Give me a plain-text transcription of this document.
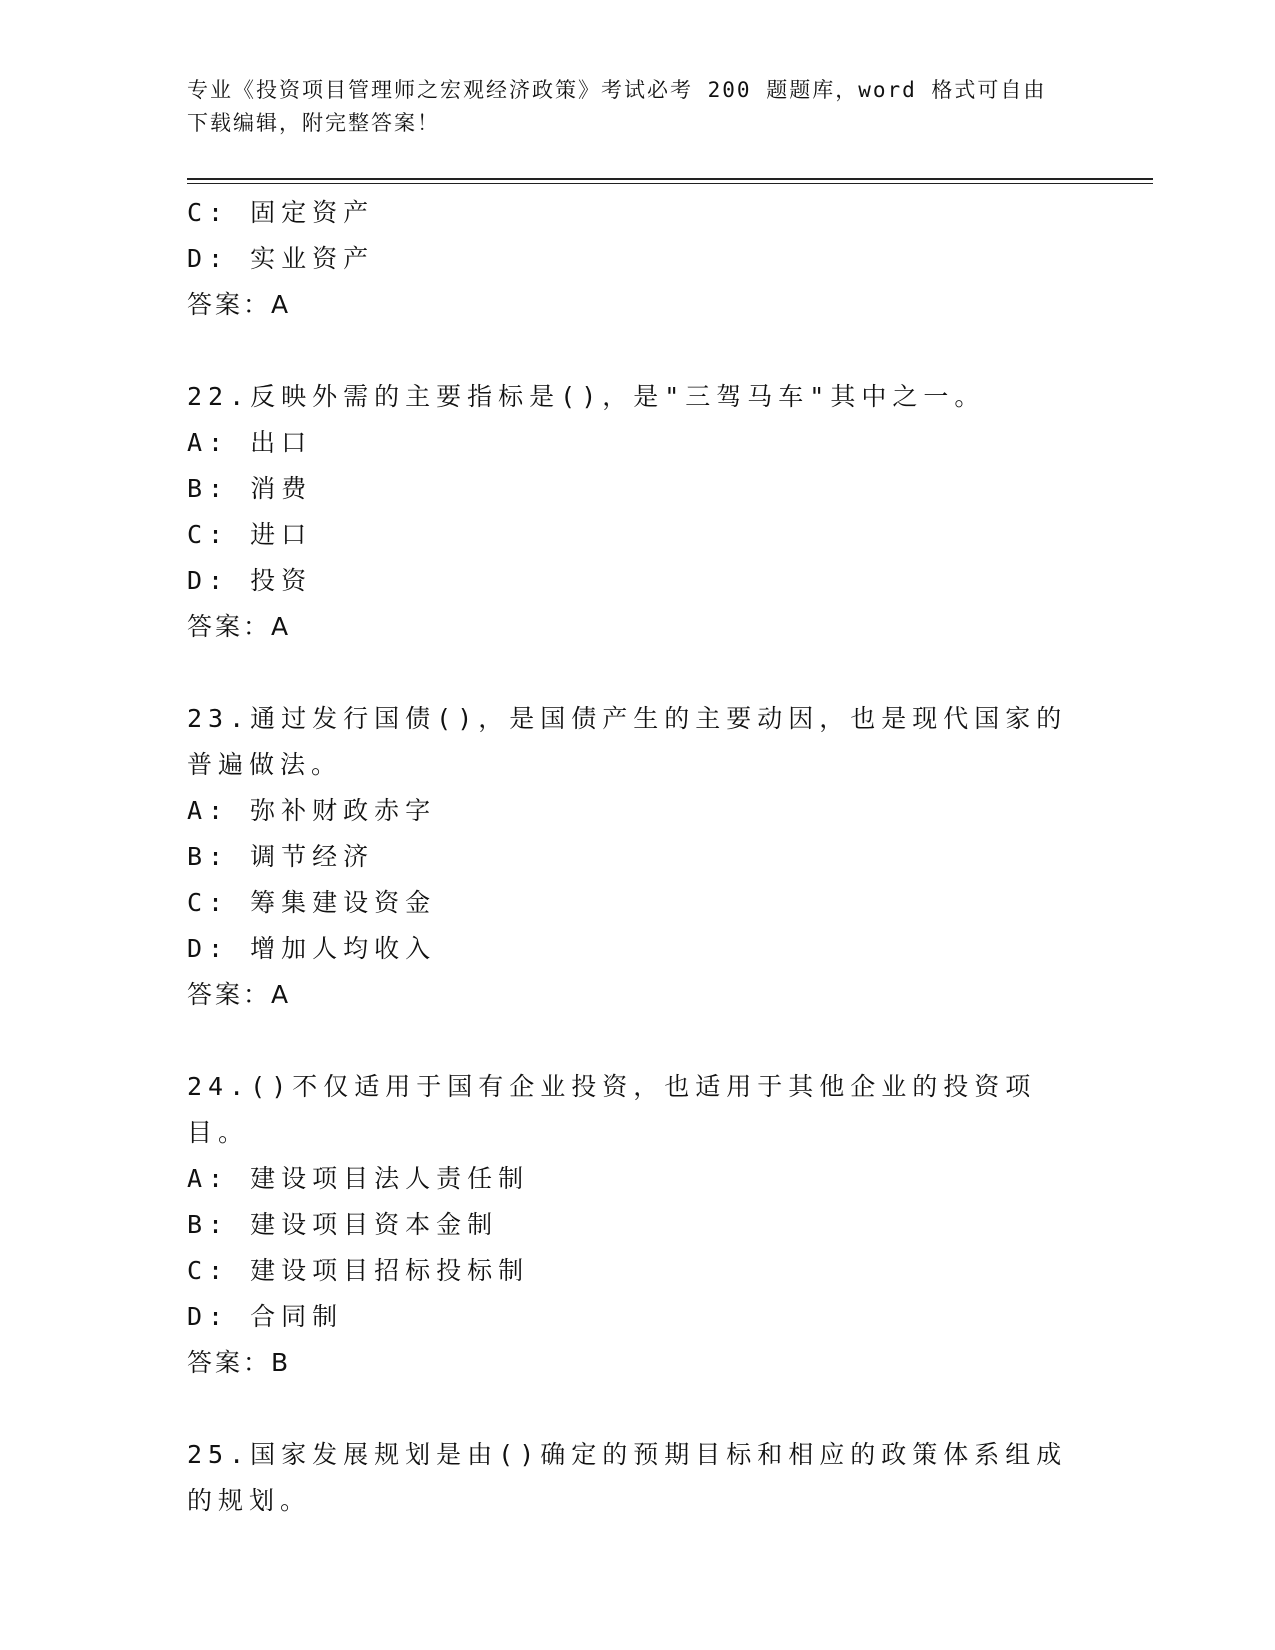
专业《投资项目管理师之宏观经济政策》考试必考 200 题题库，word 格式可自由下载编辑，附完整答案！
C: 固定资产
D: 实业资产
答案：A
22.反映外需的主要指标是()，是"三驾马车"其中之一。
A: 出口
B: 消费
C: 进口
D: 投资
答案：A
23.通过发行国债()，是国债产生的主要动因，也是现代国家的普遍做法。
A: 弥补财政赤字
B: 调节经济
C: 筹集建设资金
D: 增加人均收入
答案：A
24.()不仅适用于国有企业投资，也适用于其他企业的投资项目。
A: 建设项目法人责任制
B: 建设项目资本金制
C: 建设项目招标投标制
D: 合同制
答案：B
25.国家发展规划是由()确定的预期目标和相应的政策体系组成的规划。
